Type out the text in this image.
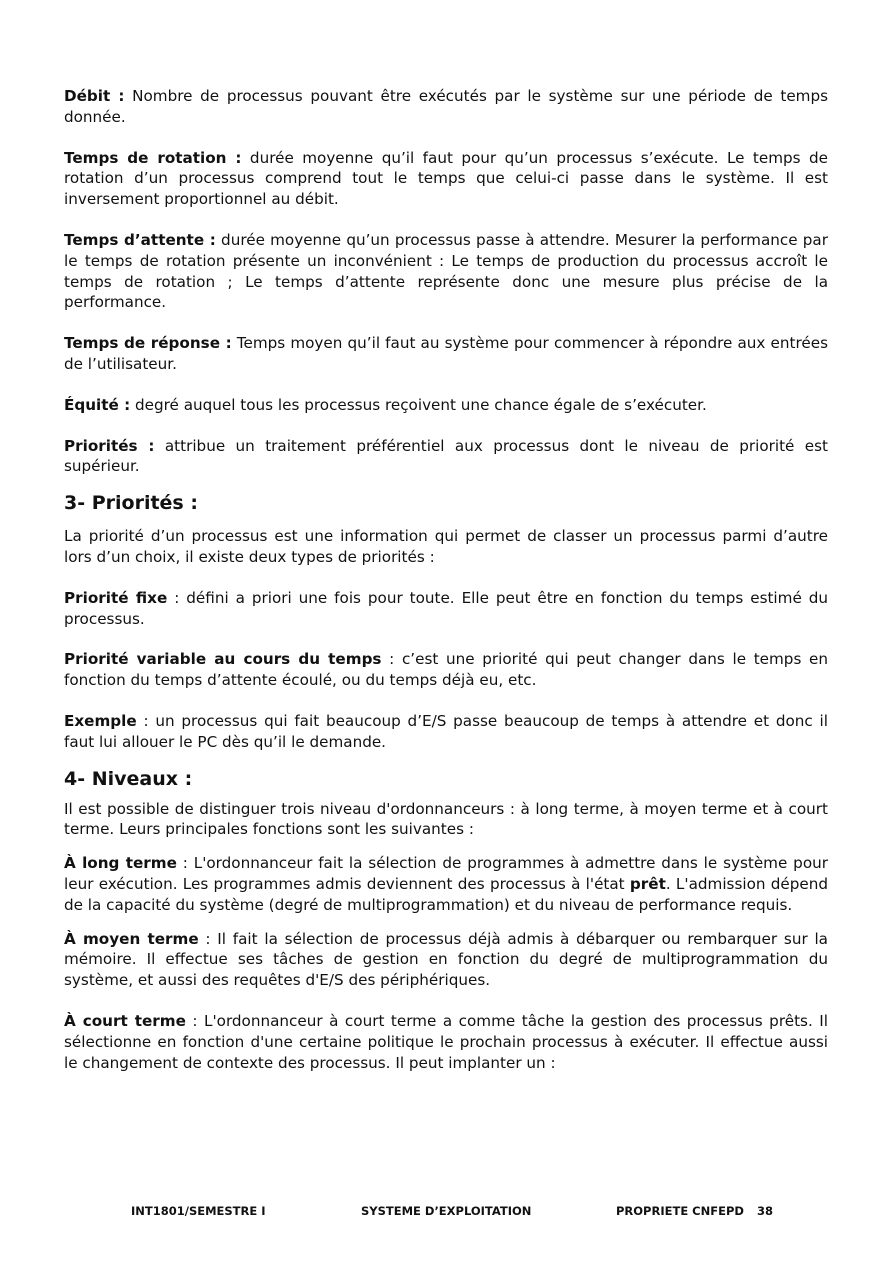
Débit : Nombre de processus pouvant être exécutés par le système sur une période de temps donnée.

Temps de rotation : durée moyenne qu’il faut pour qu’un processus s’exécute. Le temps de rotation d’un processus comprend tout le temps que celui-ci passe dans le système. Il est inversement proportionnel au débit.

Temps d’attente : durée moyenne qu’un processus passe à attendre. Mesurer la performance par le temps de rotation présente un inconvénient : Le temps de production du processus accroît le temps de rotation ; Le temps d’attente représente donc une mesure plus précise de la performance.

Temps de réponse : Temps moyen qu’il faut au système pour commencer à répondre aux entrées de l’utilisateur.

Équité : degré auquel tous les processus reçoivent une chance égale de s’exécuter.

Priorités : attribue un traitement préférentiel aux processus dont le niveau de priorité est supérieur.

3- Priorités :

La priorité d’un processus est une information qui permet de classer un processus parmi d’autre lors d’un choix, il existe deux types de priorités :

Priorité fixe : défini a priori une fois pour toute. Elle peut être en fonction du temps estimé du processus.

Priorité variable au cours du temps : c’est une priorité qui peut changer dans le temps en fonction du temps d’attente écoulé, ou du temps déjà eu, etc.

Exemple : un processus qui fait beaucoup d’E/S passe beaucoup de temps à attendre et donc il faut lui allouer le PC dès qu’il le demande.

4- Niveaux :

Il est possible de distinguer trois niveau d'ordonnanceurs : à long terme, à moyen terme et à court terme. Leurs principales fonctions sont les suivantes :

À long terme : L'ordonnanceur fait la sélection de programmes à admettre dans le système pour leur exécution. Les programmes admis deviennent des processus à l'état prêt. L'admission dépend de la capacité du système (degré de multiprogrammation) et du niveau de performance requis.

À moyen terme : Il fait la sélection de processus déjà admis à débarquer ou rembarquer sur la mémoire. Il effectue ses tâches de gestion en fonction du degré de multiprogrammation du système, et aussi des requêtes d'E/S des périphériques.

À court terme : L'ordonnanceur à court terme a comme tâche la gestion des processus prêts. Il sélectionne en fonction d'une certaine politique le prochain processus à exécuter. Il effectue aussi le changement de contexte des processus. Il peut implanter un :

INT1801/SEMESTRE I	SYSTEME D’EXPLOITATION	PROPRIETE CNFEPD 38
